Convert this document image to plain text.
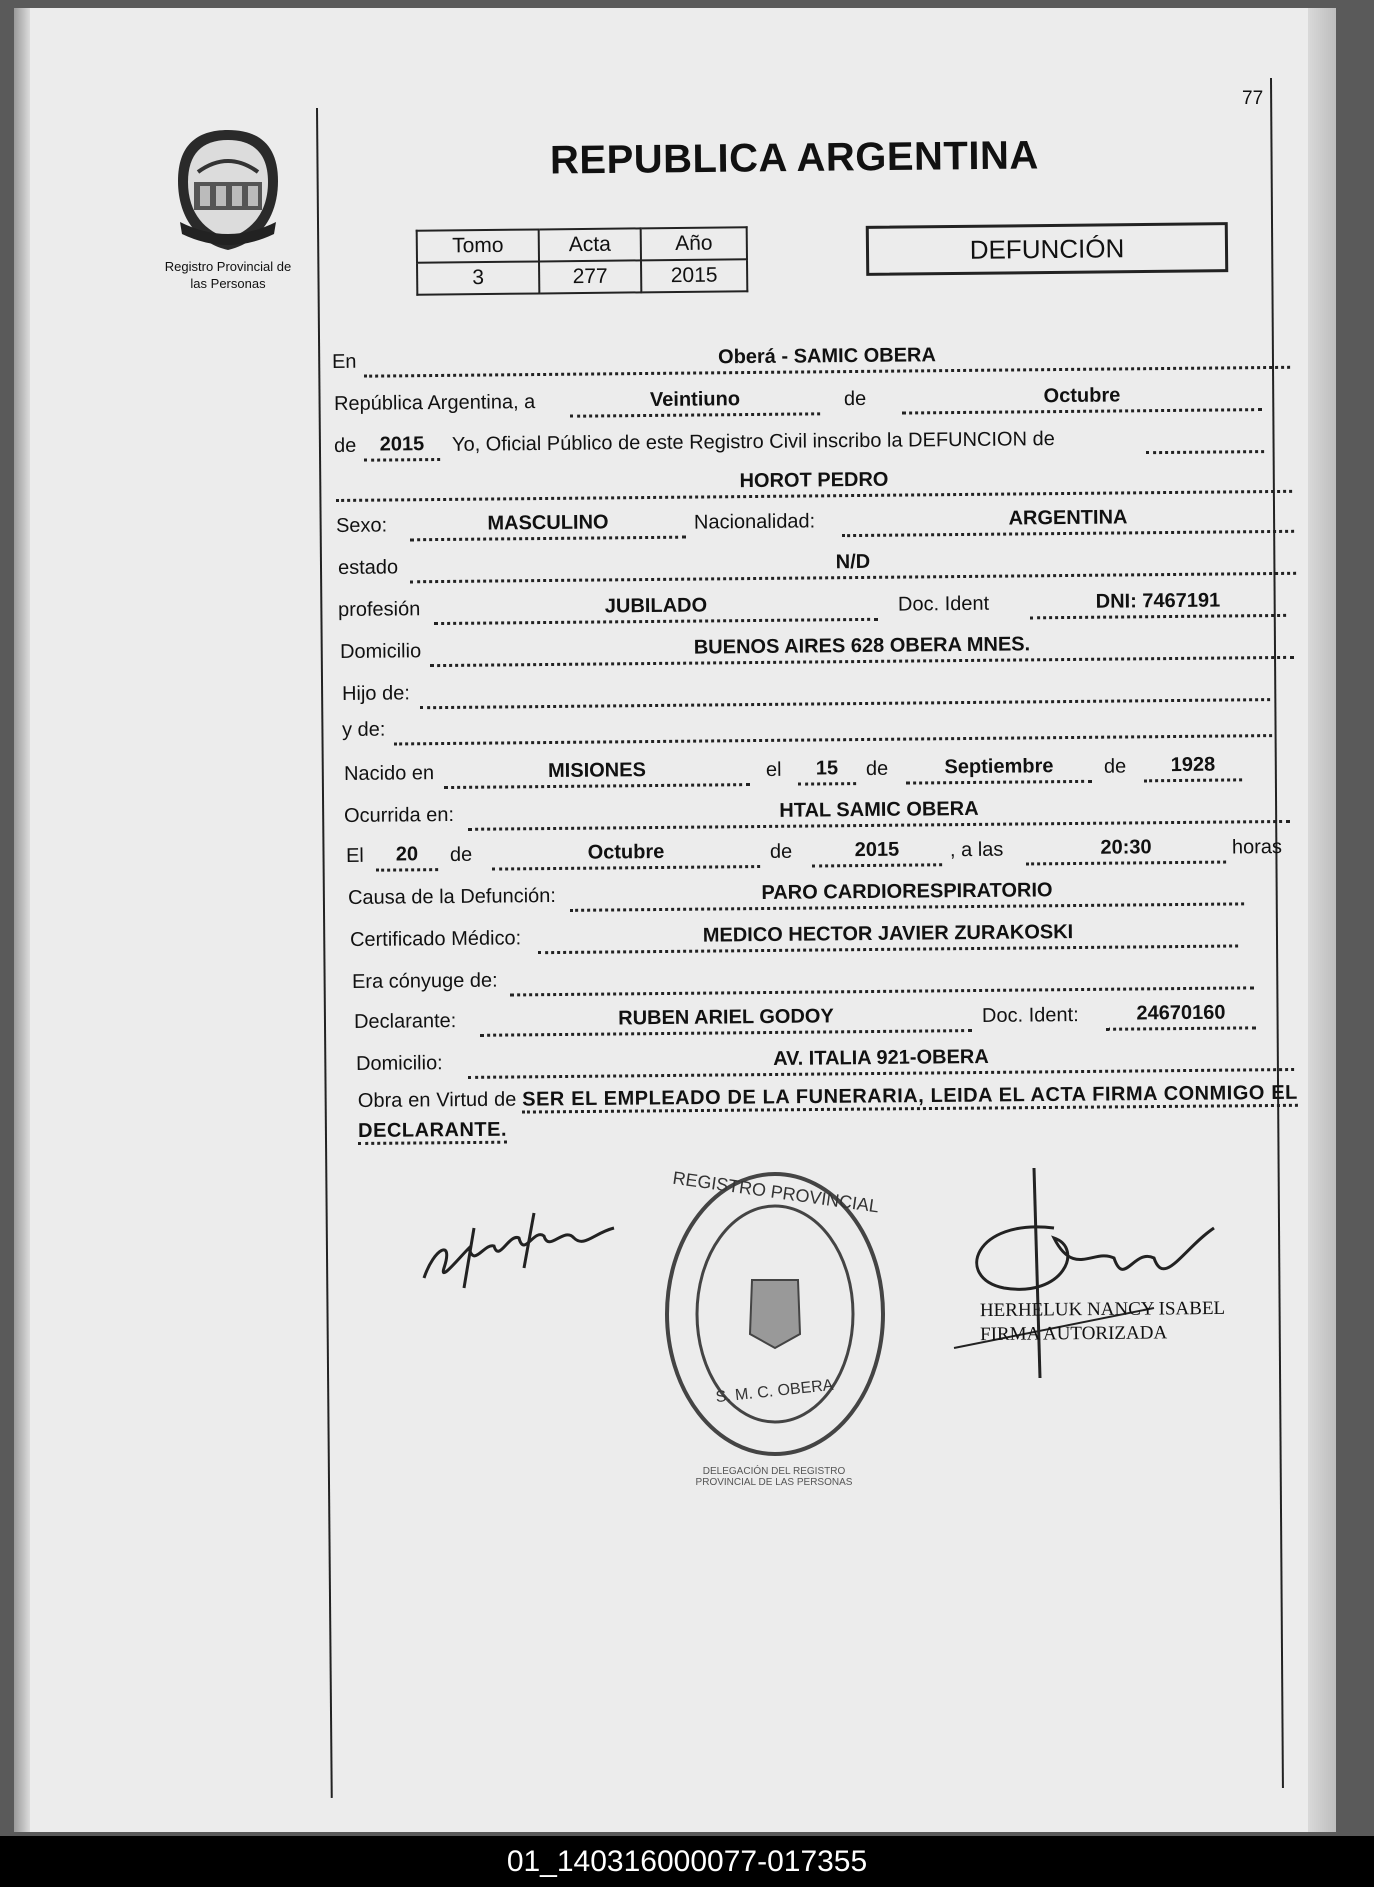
77
Registro Provincial de
las Personas
REPUBLICA ARGENTINA
Tomo	Acta	Año
3	277	2015
DEFUNCIÓN
En	Oberá - SAMIC OBERA
República Argentina, a	Veintiuno	de	Octubre
de	2015	Yo, Oficial Público de este Registro Civil inscribo la DEFUNCION de
HOROT PEDRO
Sexo:	MASCULINO	Nacionalidad:	ARGENTINA
estado	N/D
profesión	JUBILADO	Doc. Ident	DNI: 7467191
Domicilio	BUENOS AIRES 628 OBERA MNES.
Hijo de:
y de:
Nacido en	MISIONES	el	15	de	Septiembre	de	1928
Ocurrida en:	HTAL SAMIC OBERA
El	20	de	Octubre	de	2015	, a las	20:30	horas
Causa de la Defunción:	PARO CARDIORESPIRATORIO
Certificado Médico:	MEDICO HECTOR JAVIER ZURAKOSKI
Era cónyuge de:
Declarante:	RUBEN ARIEL GODOY	Doc. Ident:	24670160
Domicilio:	AV. ITALIA 921-OBERA
Obra en Virtud de SER EL EMPLEADO DE LA FUNERARIA, LEIDA EL ACTA FIRMA CONMIGO EL DECLARANTE.
REGISTRO PROVINCIAL
S. M. C. OBERA
DELEGACIÓN DEL REGISTRO PROVINCIAL DE LAS PERSONAS
HERHELUK NANCY ISABEL
FIRMA AUTORIZADA
01_140316000077-017355
